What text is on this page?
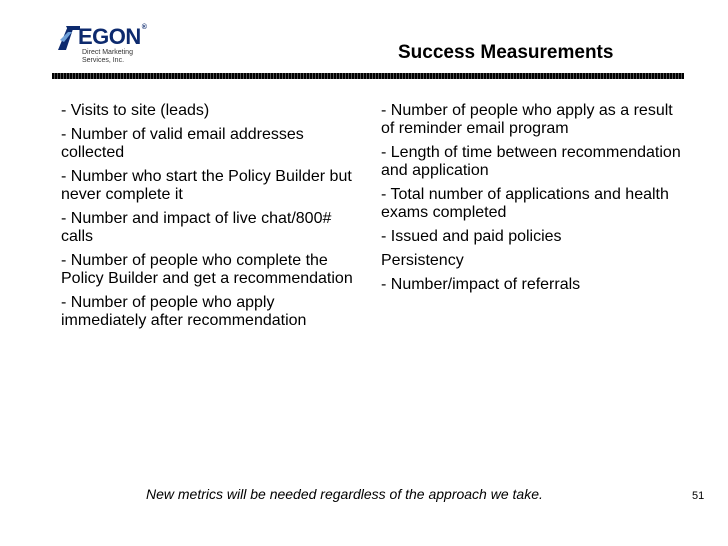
EGON®
Direct Marketing
Services, Inc.	Success Measurements
- Visits to site (leads)
- Number of valid email addresses collected
- Number who start the Policy Builder but never complete it
- Number and impact of live chat/800# calls
- Number of people who complete the Policy Builder and get a recommendation
- Number of people who apply immediately after recommendation
- Number of people who apply as a result of reminder email program
- Length of time between recommendation and application
- Total number of applications and health exams completed
- Issued and paid policies
Persistency
- Number/impact of referrals
New metrics will be needed regardless of the approach we take.	51
